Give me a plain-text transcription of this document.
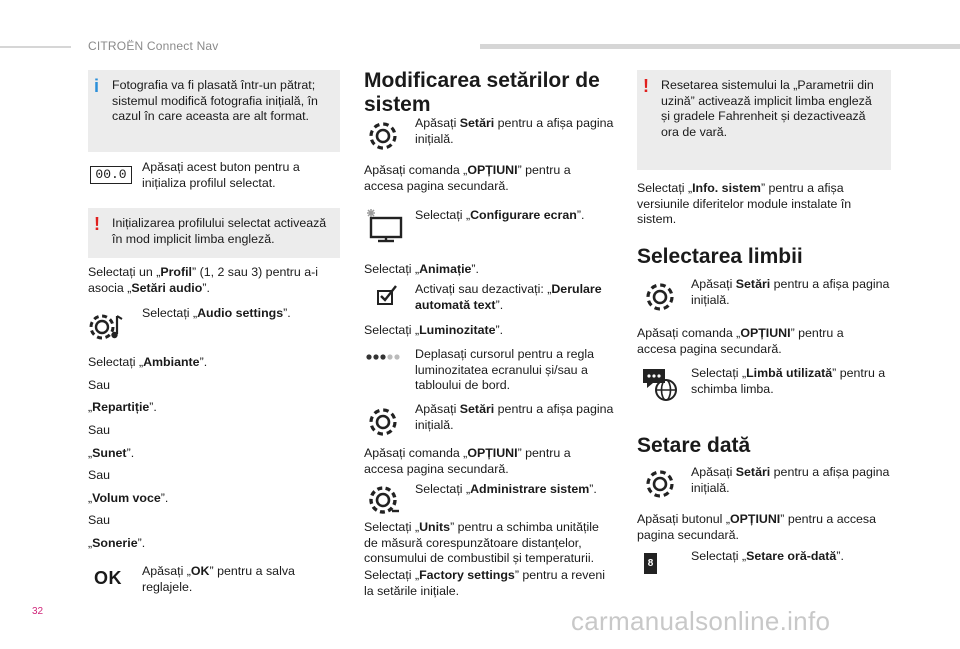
CITROËN Connect Nav
i Fotografia va fi plasată într-un pătrat; sistemul modifică fotografia inițială, în cazul în care aceasta are alt format.
00.0	Apăsați acest buton pentru a inițializa profilul selectat.
! Inițializarea profilului selectat activează în mod implicit limba engleză.
Selectați un „Profil” (1, 2 sau 3) pentru a-i asocia „Setări audio”.
Selectați „Audio settings”.
Selectați „Ambiante”.
Sau
„Repartiție”.
Sau
„Sunet”.
Sau
„Volum voce”.
Sau
„Sonerie”.
OK Apăsați „OK” pentru a salva reglajele.
Modificarea setărilor de sistem
Apăsați Setări pentru a afișa pagina inițială.
Apăsați comanda „OPȚIUNI” pentru a accesa pagina secundară.
Selectați „Configurare ecran”.
Selectați „Animație”.
Activați sau dezactivați: „Derulare automată text”.
Selectați „Luminozitate”.
Deplasați cursorul pentru a regla luminozitatea ecranului și/sau a tabloului de bord.
Apăsați Setări pentru a afișa pagina inițială.
Apăsați comanda „OPȚIUNI” pentru a accesa pagina secundară.
Selectați „Administrare sistem”.
Selectați „Units” pentru a schimba unitățile de măsură corespunzătoare distanțelor, consumului de combustibil și temperaturii.
Selectați „Factory settings” pentru a reveni la setările inițiale.
! Resetarea sistemului la „Parametrii din uzină” activează implicit limba engleză și gradele Fahrenheit și dezactivează ora de vară.
Selectați „Info. sistem” pentru a afișa versiunile diferitelor module instalate în sistem.
Selectarea limbii
Apăsați Setări pentru a afișa pagina inițială.
Apăsați comanda „OPȚIUNI” pentru a accesa pagina secundară.
Selectați „Limbă utilizată” pentru a schimba limba.
Setare dată
Apăsați Setări pentru a afișa pagina inițială.
Apăsați butonul „OPȚIUNI” pentru a accesa pagina secundară.
8
Selectați „Setare oră-dată”.
32	carmanualsonline.info
